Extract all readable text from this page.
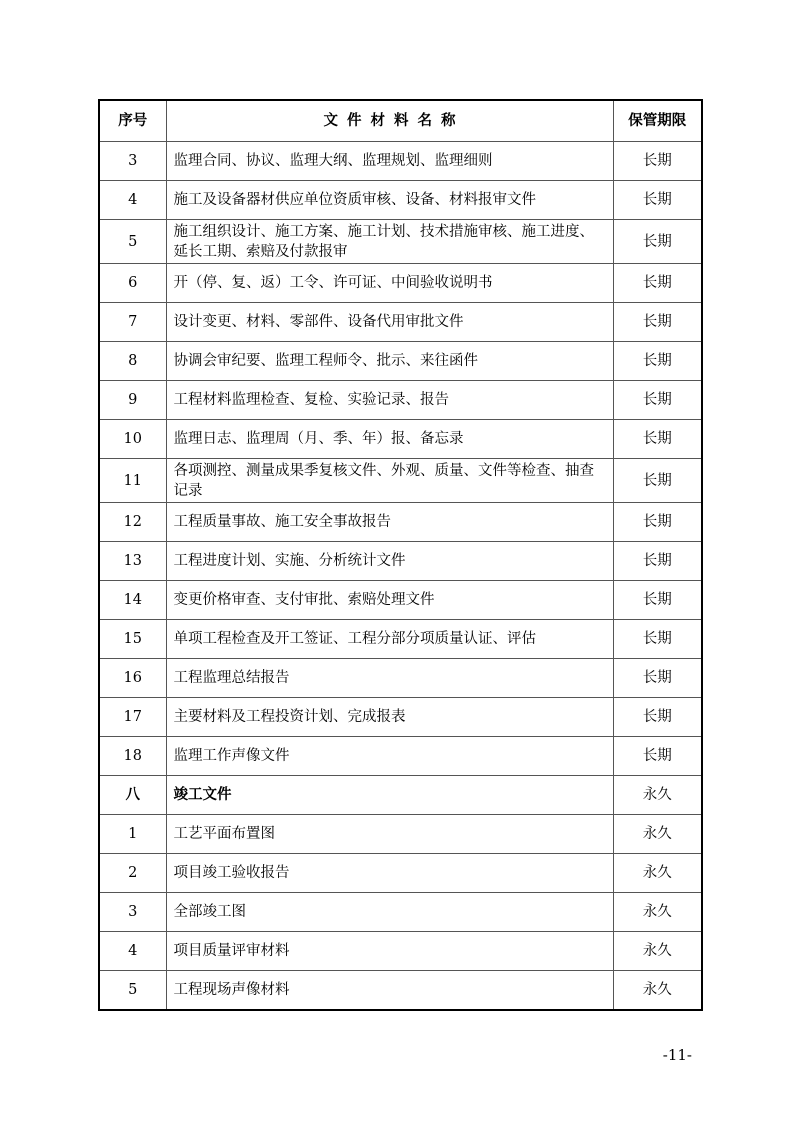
序号	文件材料名称	保管期限
3	监理合同、协议、监理大纲、监理规划、监理细则	长期
4	施工及设备器材供应单位资质审核、设备、材料报审文件	长期
5	施工组织设计、施工方案、施工计划、技术措施审核、施工进度、延长工期、索赔及付款报审	长期
6	开（停、复、返）工令、许可证、中间验收说明书	长期
7	设计变更、材料、零部件、设备代用审批文件	长期
8	协调会审纪要、监理工程师令、批示、来往函件	长期
9	工程材料监理检查、复检、实验记录、报告	长期
10	监理日志、监理周（月、季、年）报、备忘录	长期
11	各项测控、测量成果季复核文件、外观、质量、文件等检查、抽查记录	长期
12	工程质量事故、施工安全事故报告	长期
13	工程进度计划、实施、分析统计文件	长期
14	变更价格审查、支付审批、索赔处理文件	长期
15	单项工程检查及开工签证、工程分部分项质量认证、评估	长期
16	工程监理总结报告	长期
17	主要材料及工程投资计划、完成报表	长期
18	监理工作声像文件	长期
八	竣工文件	永久
1	工艺平面布置图	永久
2	项目竣工验收报告	永久
3	全部竣工图	永久
4	项目质量评审材料	永久
5	工程现场声像材料	永久
-11-
